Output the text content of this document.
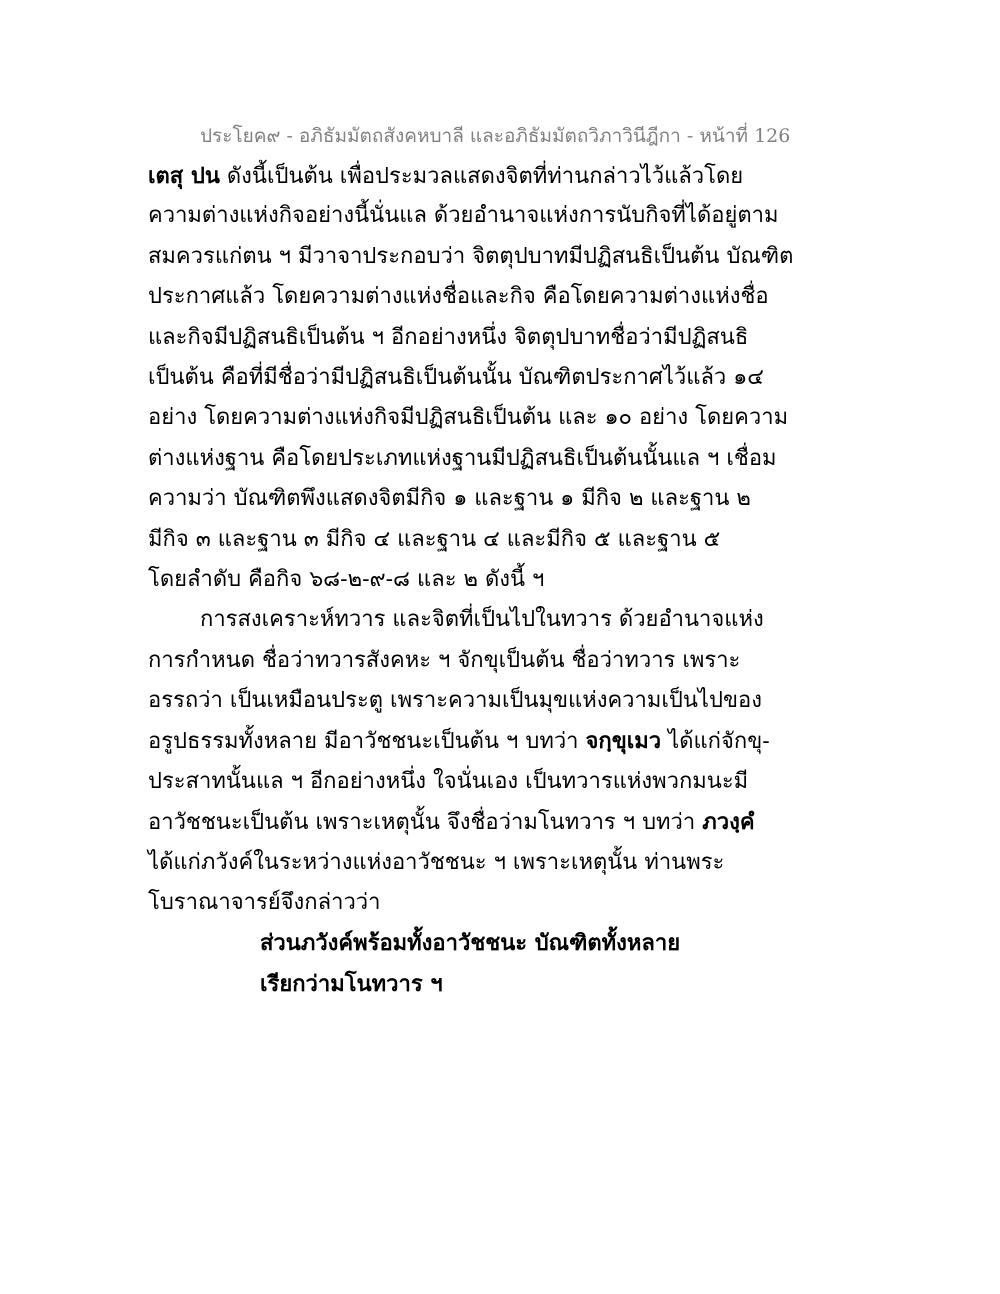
ประโยค๙ - อภิธัมมัตถสังคหบาลี และอภิธัมมัตถวิภาวินีฎีกา - หน้าที่ 126
เตสุ ปน ดังนี้เป็นต้น เพื่อประมวลแสดงจิตที่ท่านกล่าวไว้แล้วโดย
ความต่างแห่งกิจอย่างนี้นั่นแล ด้วยอำนาจแห่งการนับกิจที่ได้อยู่ตาม
สมควรแก่ตน ฯ มีวาจาประกอบว่า จิตตุปบาทมีปฏิสนธิเป็นต้น บัณฑิต
ประกาศแล้ว โดยความต่างแห่งชื่อและกิจ คือโดยความต่างแห่งชื่อ
และกิจมีปฏิสนธิเป็นต้น ฯ อีกอย่างหนึ่ง จิตตุปบาทชื่อว่ามีปฏิสนธิ
เป็นต้น คือที่มีชื่อว่ามีปฏิสนธิเป็นต้นนั้น บัณฑิตประกาศไว้แล้ว ๑๔
อย่าง โดยความต่างแห่งกิจมีปฏิสนธิเป็นต้น และ ๑๐ อย่าง โดยความ
ต่างแห่งฐาน คือโดยประเภทแห่งฐานมีปฏิสนธิเป็นต้นนั้นแล ฯ เชื่อม
ความว่า บัณฑิตพึงแสดงจิตมีกิจ ๑ และฐาน ๑ มีกิจ ๒ และฐาน ๒
มีกิจ ๓ และฐาน ๓ มีกิจ ๔ และฐาน ๔ และมีกิจ ๕ และฐาน ๕
โดยลำดับ คือกิจ ๖๘-๒-๙-๘ และ ๒ ดังนี้ ฯ
การสงเคราะห์ทวาร และจิตที่เป็นไปในทวาร ด้วยอำนาจแห่ง
การกำหนด ชื่อว่าทวารสังคหะ ฯ จักขุเป็นต้น ชื่อว่าทวาร เพราะ
อรรถว่า เป็นเหมือนประตู เพราะความเป็นมุขแห่งความเป็นไปของ
อรูปธรรมทั้งหลาย มีอาวัชชนะเป็นต้น ฯ บทว่า จกฺขุเมว ได้แก่จักขุ-
ประสาทนั้นแล ฯ อีกอย่างหนึ่ง ใจนั่นเอง เป็นทวารแห่งพวกมนะมี
อาวัชชนะเป็นต้น เพราะเหตุนั้น จึงชื่อว่ามโนทวาร ฯ บทว่า ภวงฺคํ
ได้แก่ภวังค์ในระหว่างแห่งอาวัชชนะ ฯ เพราะเหตุนั้น ท่านพระ
โบราณาจารย์จึงกล่าวว่า
ส่วนภวังค์พร้อมทั้งอาวัชชนะ บัณฑิตทั้งหลาย
เรียกว่ามโนทวาร ฯ
